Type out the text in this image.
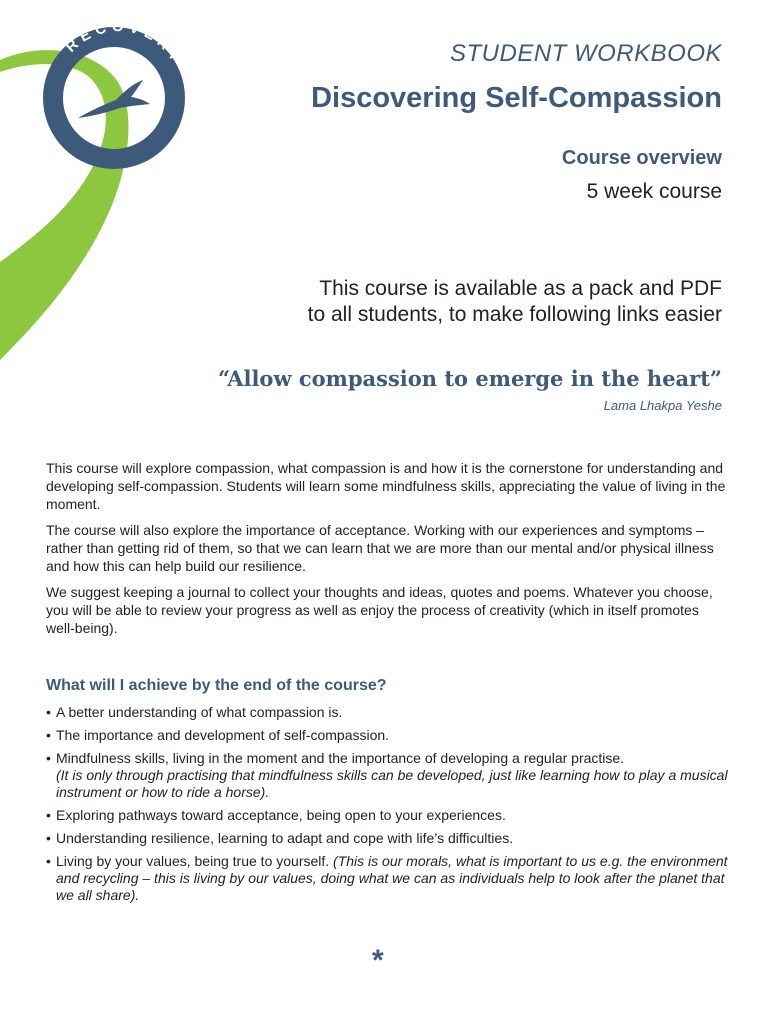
RECOVERY	STUDENT WORKBOOK
Discovering Self-Compassion
Course overview
5 week course
This course is available as a pack and PDF
to all students, to make following links easier
“Allow compassion to emerge in the heart”
Lama Lhakpa Yeshe

This course will explore compassion, what compassion is and how it is the cornerstone for understanding and developing self-compassion. Students will learn some mindfulness skills, appreciating the value of living in the moment.

The course will also explore the importance of acceptance. Working with our experiences and symptoms – rather than getting rid of them, so that we can learn that we are more than our mental and/or physical illness and how this can help build our resilience.

We suggest keeping a journal to collect your thoughts and ideas, quotes and poems. Whatever you choose, you will be able to review your progress as well as enjoy the process of creativity (which in itself promotes well-being).

What will I achieve by the end of the course?
• A better understanding of what compassion is.
• The importance and development of self-compassion.
• Mindfulness skills, living in the moment and the importance of developing a regular practise.
(It is only through practising that mindfulness skills can be developed, just like learning how to play a musical instrument or how to ride a horse).
• Exploring pathways toward acceptance, being open to your experiences.
• Understanding resilience, learning to adapt and cope with life’s difficulties.
• Living by your values, being true to yourself. (This is our morals, what is important to us e.g. the environment and recycling – this is living by our values, doing what we can as individuals help to look after the planet that we all share).
*
